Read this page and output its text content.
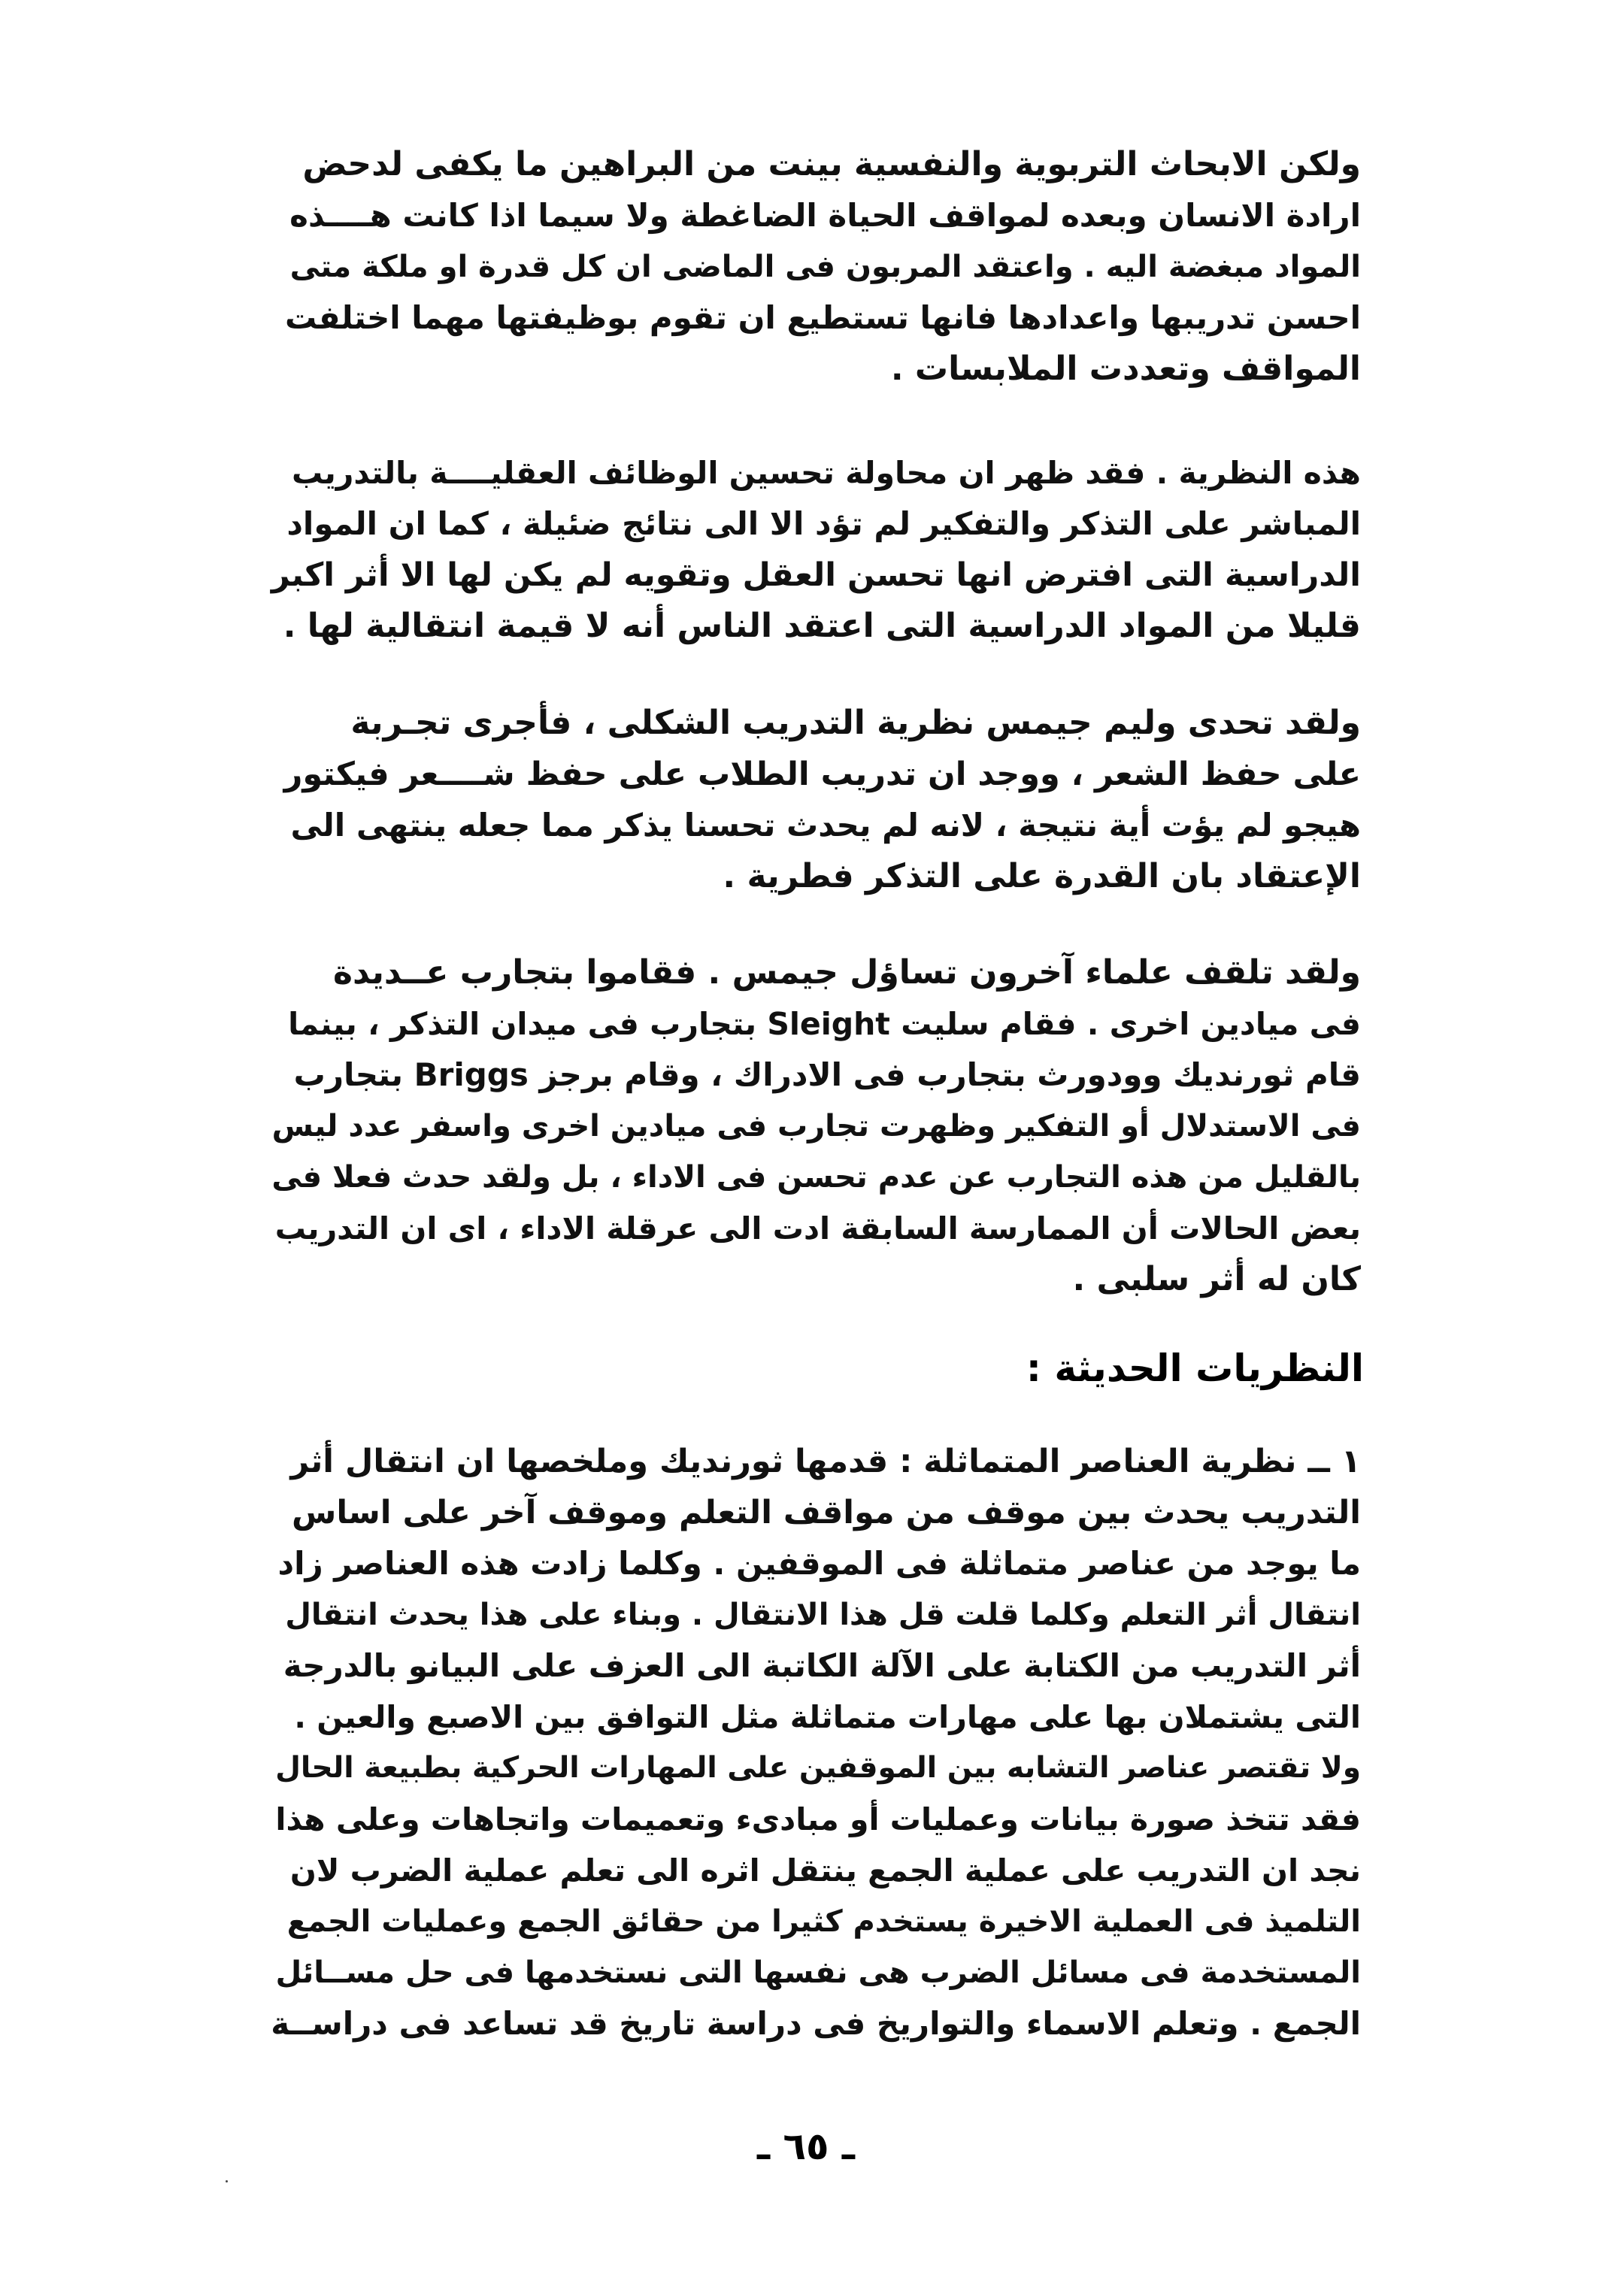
ولكن الابحاث التربوية والنفسية بينت من البراهين ما يكفى لدحض
ارادة الانسان وبعده لمواقف الحياة الضاغطة ولا سيما اذا كانت هــــذه
المواد مبغضة اليه . واعتقد المربون فى الماضى ان كل قدرة او ملكة متى
احسن تدريبها واعدادها فانها تستطيع ان تقوم بوظيفتها مهما اختلفت
المواقف وتعددت الملابسات .
هذه النظرية . فقد ظهر ان محاولة تحسين الوظائف العقليــــة بالتدريب
المباشر على التذكر والتفكير لم تؤد الا الى نتائج ضئيلة ، كما ان المواد
الدراسية التى افترض انها تحسن العقل وتقويه لم يكن لها الا أثر اكبر
قليلا من المواد الدراسية التى اعتقد الناس أنه لا قيمة انتقالية لها .
ولقد تحدى وليم جيمس نظرية التدريب الشكلى ، فأجرى تجـربة
على حفظ الشعر ، ووجد ان تدريب الطلاب على حفظ شــــعر فيكتور
هيجو لم يؤت أية نتيجة ، لانه لم يحدث تحسنا يذكر مما جعله ينتهى الى
الإعتقاد بان القدرة على التذكر فطرية .
ولقد تلقف علماء آخرون تساؤل جيمس . فقاموا بتجارب عــديدة
فى ميادين اخرى . فقام سليت Sleight بتجارب فى ميدان التذكر ، بينما
قام ثورنديك وودورث بتجارب فى الادراك ، وقام برجز Briggs بتجارب
فى الاستدلال أو التفكير وظهرت تجارب فى ميادين اخرى واسفر عدد ليس
بالقليل من هذه التجارب عن عدم تحسن فى الاداء ، بل ولقد حدث فعلا فى
بعض الحالات أن الممارسة السابقة ادت الى عرقلة الاداء ، اى ان التدريب
كان له أثر سلبى .
النظريات الحديثة :
١ ــ نظرية العناصر المتماثلة : قدمها ثورنديك وملخصها ان انتقال أثر
التدريب يحدث بين موقف من مواقف التعلم وموقف آخر على اساس
ما يوجد من عناصر متماثلة فى الموقفين . وكلما زادت هذه العناصر زاد
انتقال أثر التعلم وكلما قلت قل هذا الانتقال . وبناء على هذا يحدث انتقال
أثر التدريب من الكتابة على الآلة الكاتبة الى العزف على البيانو بالدرجة
التى يشتملان بها على مهارات متماثلة مثل التوافق بين الاصبع والعين .
ولا تقتصر عناصر التشابه بين الموقفين على المهارات الحركية بطبيعة الحال
فقد تتخذ صورة بيانات وعمليات أو مبادىء وتعميمات واتجاهات وعلى هذا
نجد ان التدريب على عملية الجمع ينتقل اثره الى تعلم عملية الضرب لان
التلميذ فى العملية الاخيرة يستخدم كثيرا من حقائق الجمع وعمليات الجمع
المستخدمة فى مسائل الضرب هى نفسها التى نستخدمها فى حل مســائل
الجمع . وتعلم الاسماء والتواريخ فى دراسة تاريخ قد تساعد فى دراســة
ـ ٦٥ ـ
